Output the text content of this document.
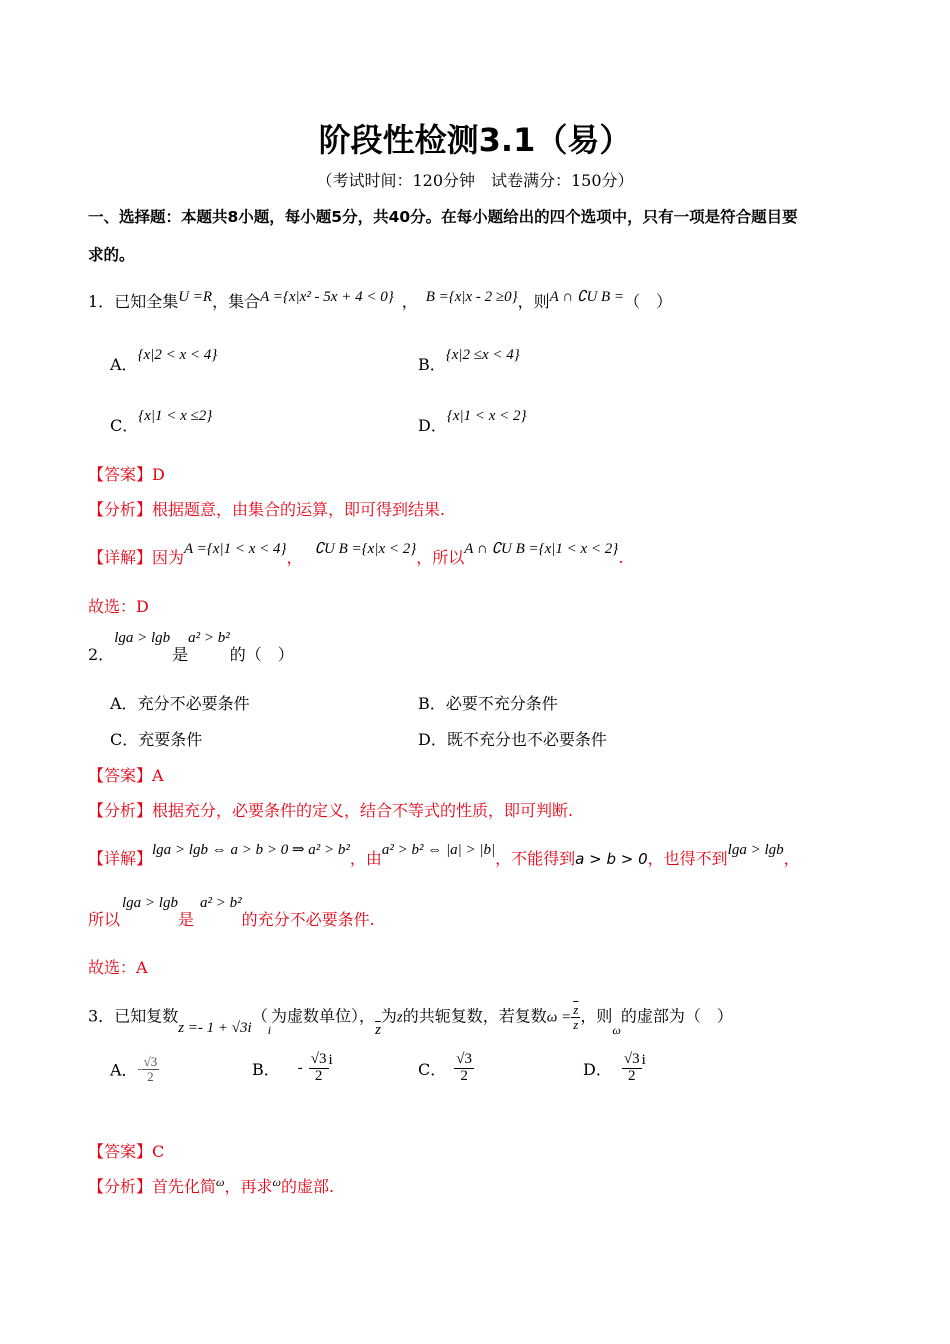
阶段性检测3.1（易）
（考试时间：120分钟　试卷满分：150分）
一、选择题：本题共8小题，每小题5分，共40分。在每小题给出的四个选项中，只有一项是符合题目要
求的。
1．已知全集U =R，集合A ={x|x² - 5x + 4 < 0} ， B ={x|x - 2 ≥0}，则A ∩ ∁U B =（　）
A．{x|2 < x < 4}	B．{x|2 ≤x < 4}
C．{x|1 < x ≤2}	D．{x|1 < x < 2}
【答案】D
【分析】根据题意，由集合的运算，即可得到结果.
【详解】因为A ={x|1 < x < 4}， ∁U B ={x|x < 2}，所以A ∩ ∁U B ={x|1 < x < 2}.
故选：D
2．lga > lgb是a² > b²的（　）
A．充分不必要条件	B．必要不充分条件
C．充要条件	D．既不充分也不必要条件
【答案】A
【分析】根据充分，必要条件的定义，结合不等式的性质，即可判断.
【详解】lga > lgb ⇔ a > b > 0 ⇒ a² > b²，由a² > b² ⇔ |a| > |b|，不能得到a > b > 0，也得不到lga > lgb，
所以lga > lgb是a² > b²的充分不必要条件.
故选：A
3．已知复数$z =- 1 + √3i(_i$为虚数单位），$\overline{z}$为z的共轭复数，若复数$\omega = \frac{\overline{z}}{z}$ ，则$_\omega$的虚部为（　）
A．- $\frac{√3}{2}$	B． - $\frac{√3}{2}$ i	C． $\frac{√3}{2}$	D． $\frac{√3}{2}$ i
【答案】C
【分析】首先化简$^\omega$，再求$^\omega$的虚部.
